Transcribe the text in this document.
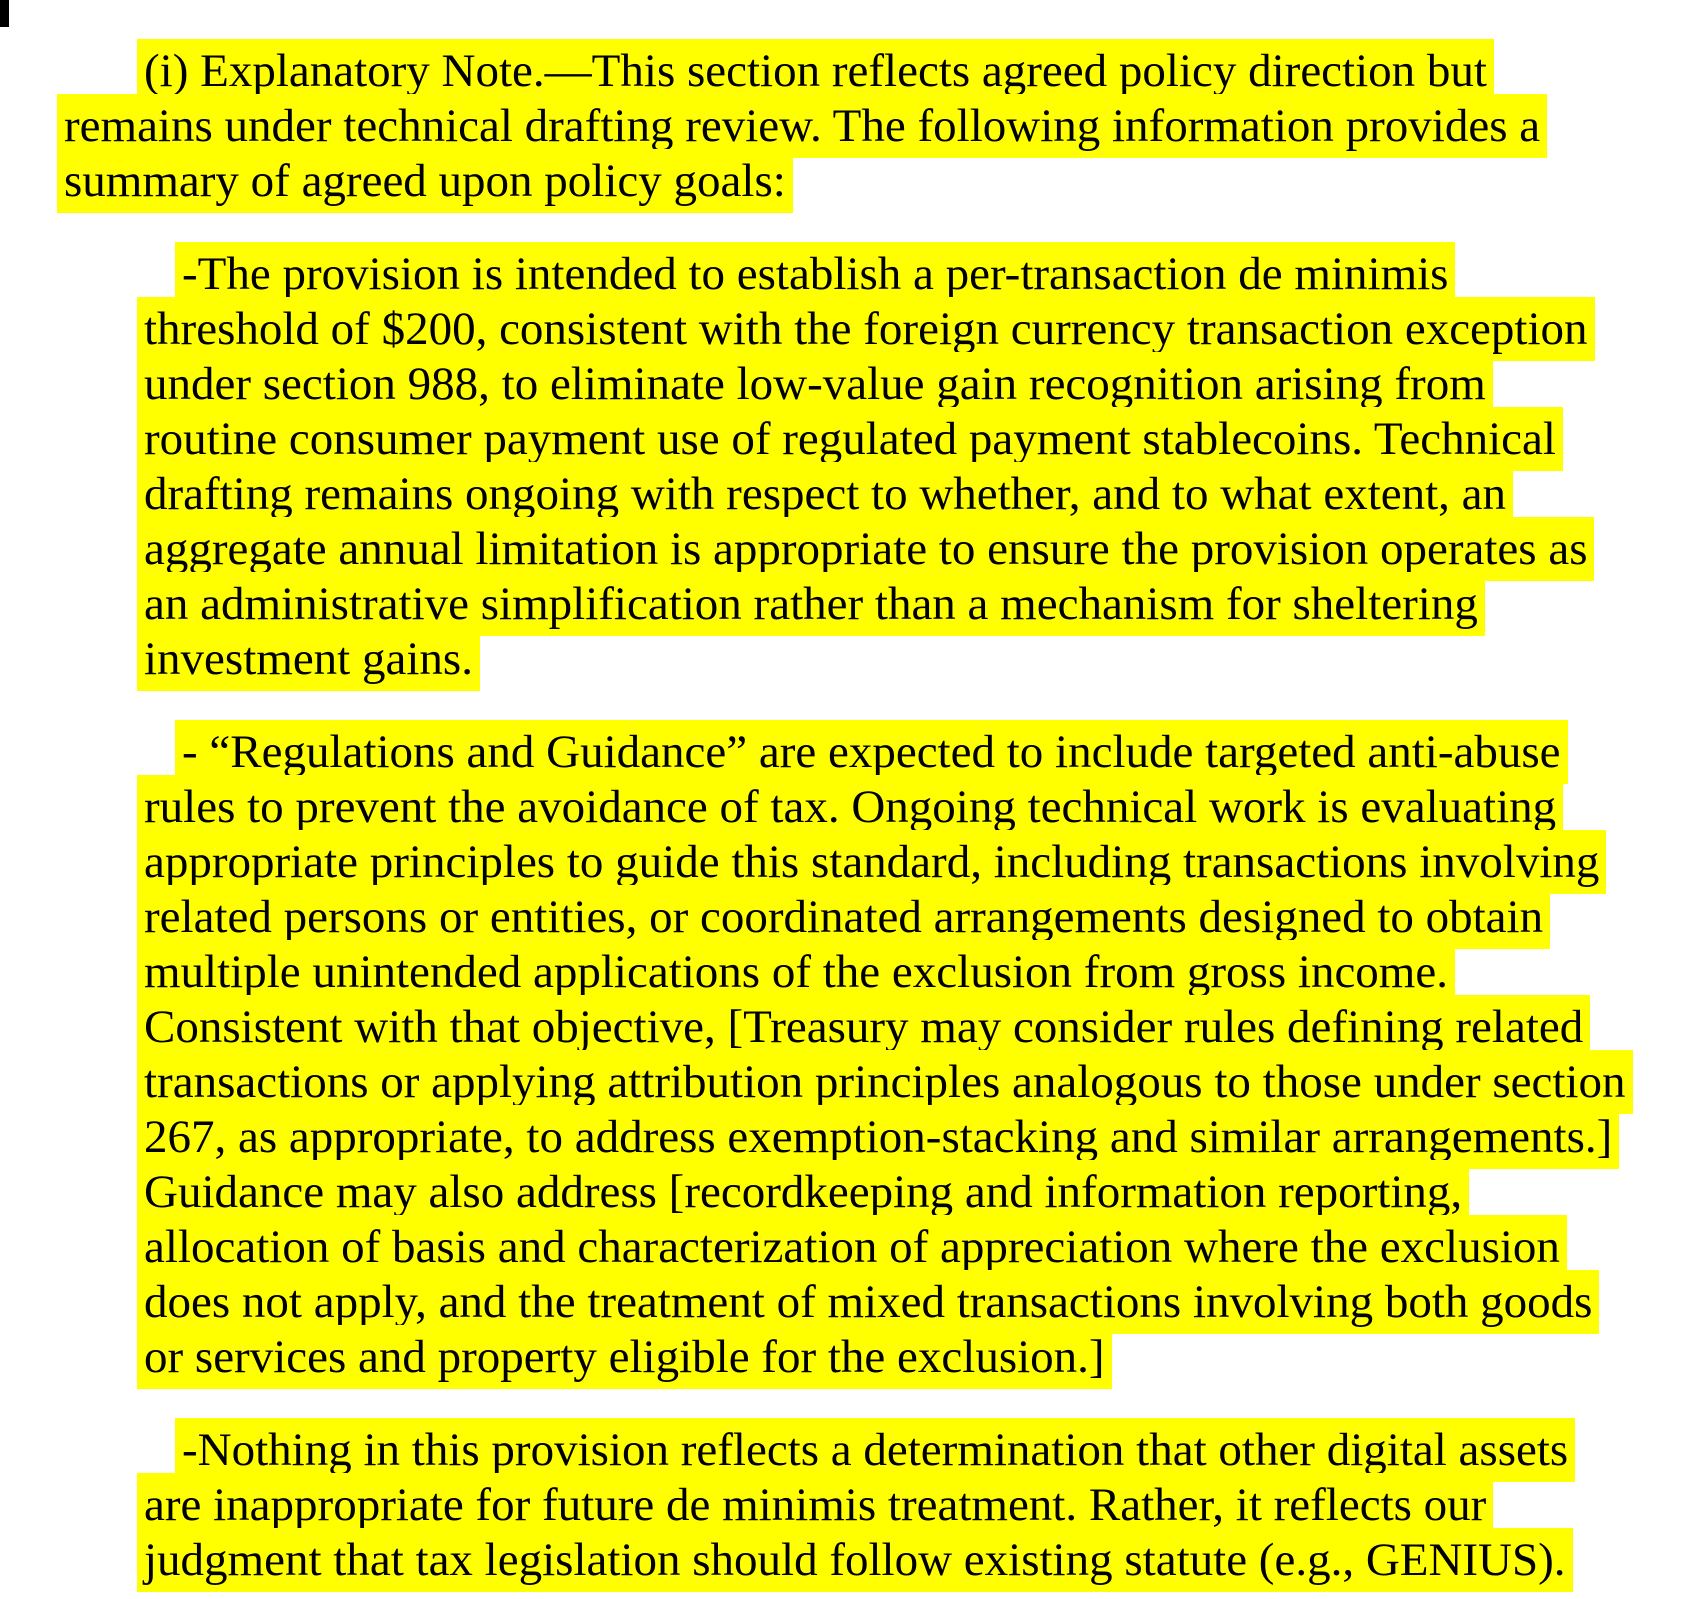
(i) Explanatory Note.—This section reflects agreed policy direction but remains under technical drafting review. The following information provides a summary of agreed upon policy goals:

-The provision is intended to establish a per-transaction de minimis threshold of $200, consistent with the foreign currency transaction exception under section 988, to eliminate low-value gain recognition arising from routine consumer payment use of regulated payment stablecoins. Technical drafting remains ongoing with respect to whether, and to what extent, an aggregate annual limitation is appropriate to ensure the provision operates as an administrative simplification rather than a mechanism for sheltering investment gains.

- “Regulations and Guidance” are expected to include targeted anti-abuse rules to prevent the avoidance of tax. Ongoing technical work is evaluating appropriate principles to guide this standard, including transactions involving related persons or entities, or coordinated arrangements designed to obtain multiple unintended applications of the exclusion from gross income. Consistent with that objective, [Treasury may consider rules defining related transactions or applying attribution principles analogous to those under section 267, as appropriate, to address exemption-stacking and similar arrangements.] Guidance may also address [recordkeeping and information reporting, allocation of basis and characterization of appreciation where the exclusion does not apply, and the treatment of mixed transactions involving both goods or services and property eligible for the exclusion.]

-Nothing in this provision reflects a determination that other digital assets are inappropriate for future de minimis treatment. Rather, it reflects our judgment that tax legislation should follow existing statute (e.g., GENIUS).
